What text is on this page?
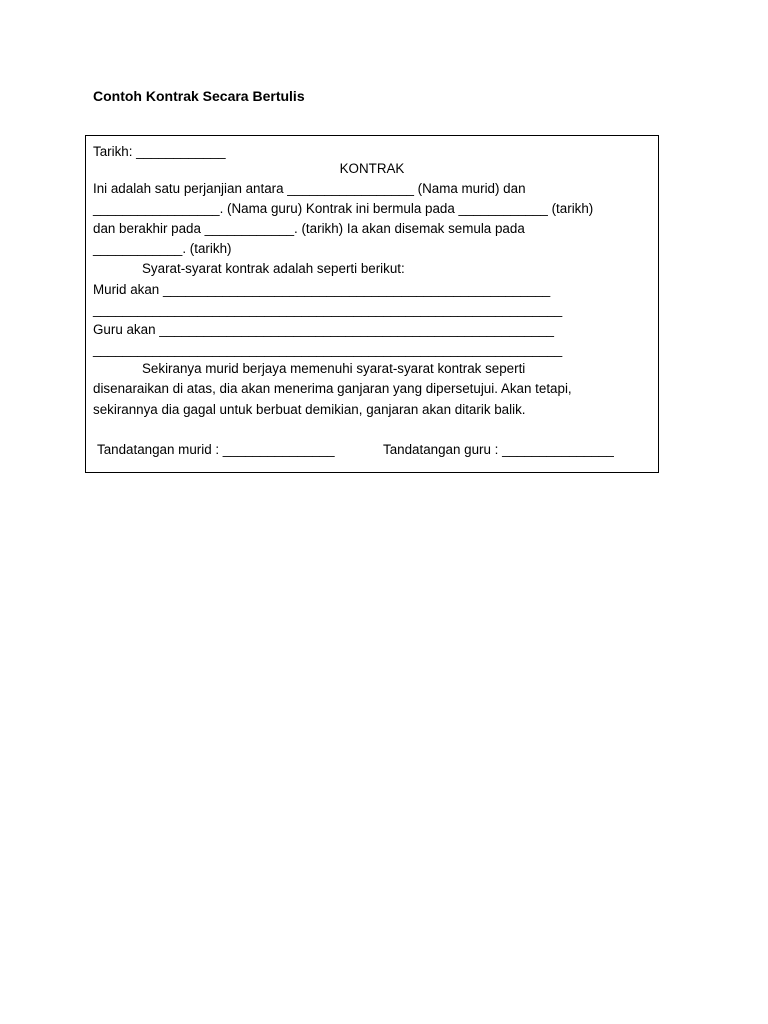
Contoh Kontrak Secara Bertulis
Tarikh: ____________
KONTRAK
Ini adalah satu perjanjian antara _________________ (Nama murid) dan
_________________. (Nama guru) Kontrak ini bermula pada ____________ (tarikh)
dan berakhir pada ____________. (tarikh) Ia akan disemak semula pada
____________. (tarikh)
Syarat-syarat kontrak adalah seperti berikut:
Murid akan ____________________________________________________
_______________________________________________________________
Guru akan _____________________________________________________
_______________________________________________________________
Sekiranya murid berjaya memenuhi syarat-syarat kontrak seperti
disenaraikan di atas, dia akan menerima ganjaran yang dipersetujui. Akan tetapi,
sekirannya dia gagal untuk berbuat demikian, ganjaran akan ditarik balik.
Tandatangan murid : _______________	Tandatangan guru : _______________
